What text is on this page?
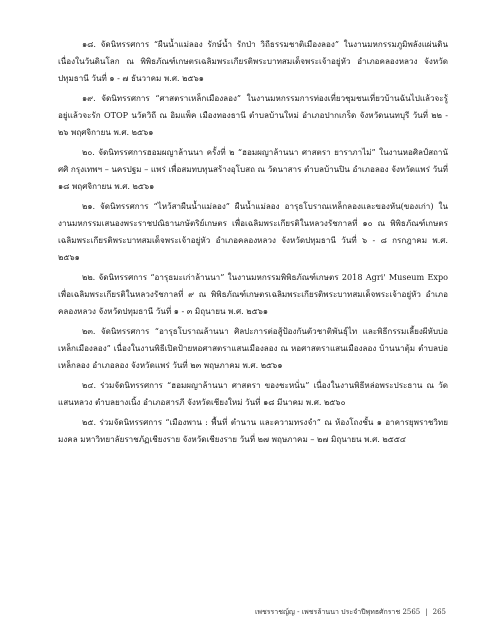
๑๘. จัดนิทรรศการ “ผืนน้ำแม่ลอง รักษ์น้ำ รักป่า วิถีธรรมชาติเมืองลอง” ในงานมหกรรมภูมิพลังแผ่นดินเนื่องในวันดินโลก ณ พิพิธภัณฑ์เกษตรเฉลิมพระเกียรติพระบาทสมเด็จพระเจ้าอยู่หัว อำเภอคลองหลวง จังหวัดปทุมธานี วันที่ ๑ - ๗ ธันวาคม พ.ศ. ๒๕๖๑

๑๙. จัดนิทรรศการ “ศาสตราเหล็กเมืองลอง” ในงานมหกรรมการท่องเที่ยวชุมชนเที่ยวบ้านฉันไปแล้วจะรู้อยู่แล้วจะรัก OTOP นวัตวิถี ณ อิมแพ็ค เมืองทองธานี ตำบลบ้านใหม่ อำเภอปากเกร็ด จังหวัดนนทบุรี วันที่ ๒๒ - ๒๖ พฤศจิกายน พ.ศ. ๒๕๖๑

๒๐. จัดนิทรรศการฮอมผญาล้านนา ครั้งที่ ๒ “ฮอมผญาล้านนา ศาสตรา ยาราภาไม่” ในงานหอศิลป์สถานัศศิ กรุงเทพฯ – นครปฐม – แพร่ เพื่อสมทบทุนสร้างอุโบสถ ณ วัดนาสาร ตำบลบ้านปิน อำเภอลอง จังหวัดแพร่ วันที่ ๑๘ พฤศจิกายน พ.ศ. ๒๕๖๑

๒๑. จัดนิทรรศการ “ไหว้สาผืนน้ำแม่ลอง” ผืนน้ำแม่ลอง อารุธโบราณเหล็กลองและของหัน(ของเก่า) ในงานมหกรรมเสนองพระราชปณิธานกษัตริย์เกษตร เพื่อเฉลิมพระเกียรติในหลวงรัชกาลที่ ๑๐ ณ พิพิธภัณฑ์เกษตรเฉลิมพระเกียรติพระบาทสมเด็จพระเจ้าอยู่หัว อำเภอคลองหลวง จังหวัดปทุมธานี วันที่ ๖ - ๘ กรกฎาคม พ.ศ. ๒๕๖๑

๒๒. จัดนิทรรศการ “อารุธมะเก่าล้านนา” ในงานมหกรรมพิพิธภัณฑ์เกษตร 2018 Agri' Museum Expo เพื่อเฉลิมพระเกียรติในหลวงรัชกาลที่ ๙ ณ พิพิธภัณฑ์เกษตรเฉลิมพระเกียรติพระบาทสมเด็จพระเจ้าอยู่หัว อำเภอคลองหลวง จังหวัดปทุมธานี วันที่ ๑ - ๓ มิถุนายน พ.ศ. ๒๕๖๑

๒๓. จัดนิทรรศการ “อารุธโบราณล้านนา ศิลปะการต่อสู้ป้องกันตัวชาติพันธุ์ไท และพิธีกรรมเลี้ยงผีหับบ่อเหล็กเมืองลอง” เนื่องในงานพิธีเปิดป้ายหอศาสตราแสนเมืองลอง ณ หอศาสตราแสนเมืองลอง บ้านนาตุ้ม ตำบลบ่อเหล็กลอง อำเภอลอง จังหวัดแพร่ วันที่ ๒๓ พฤษภาคม พ.ศ. ๒๕๖๑

๒๔. ร่วมจัดนิทรรศการ “ฮอมผญาล้านนา ศาสตรา ของชะหนั่น” เนื่องในงานพิธีหล่อพระประธาน ณ วัดแสนหลวง ตำบลยางเนิ้ง อำเภอสารภี จังหวัดเชียงใหม่ วันที่ ๑๘ มีนาคม พ.ศ. ๒๕๖๐

๒๕. ร่วมจัดนิทรรศการ “เมืองพาน : พื้นที่ ตำนาน และความทรงจำ” ณ ห้องโถงชั้น ๑ อาคารยุพราชวิทยมงคล มหาวิทยาลัยราชภัฏเชียงราย จังหวัดเชียงราย วันที่ ๒๗ พฤษภาคม – ๒๗ มิถุนายน พ.ศ. ๒๕๕๔

เพชรราชญ์ญ - เพชรล้านนา ประจำปีพุทธศักราช 2565 | 265
